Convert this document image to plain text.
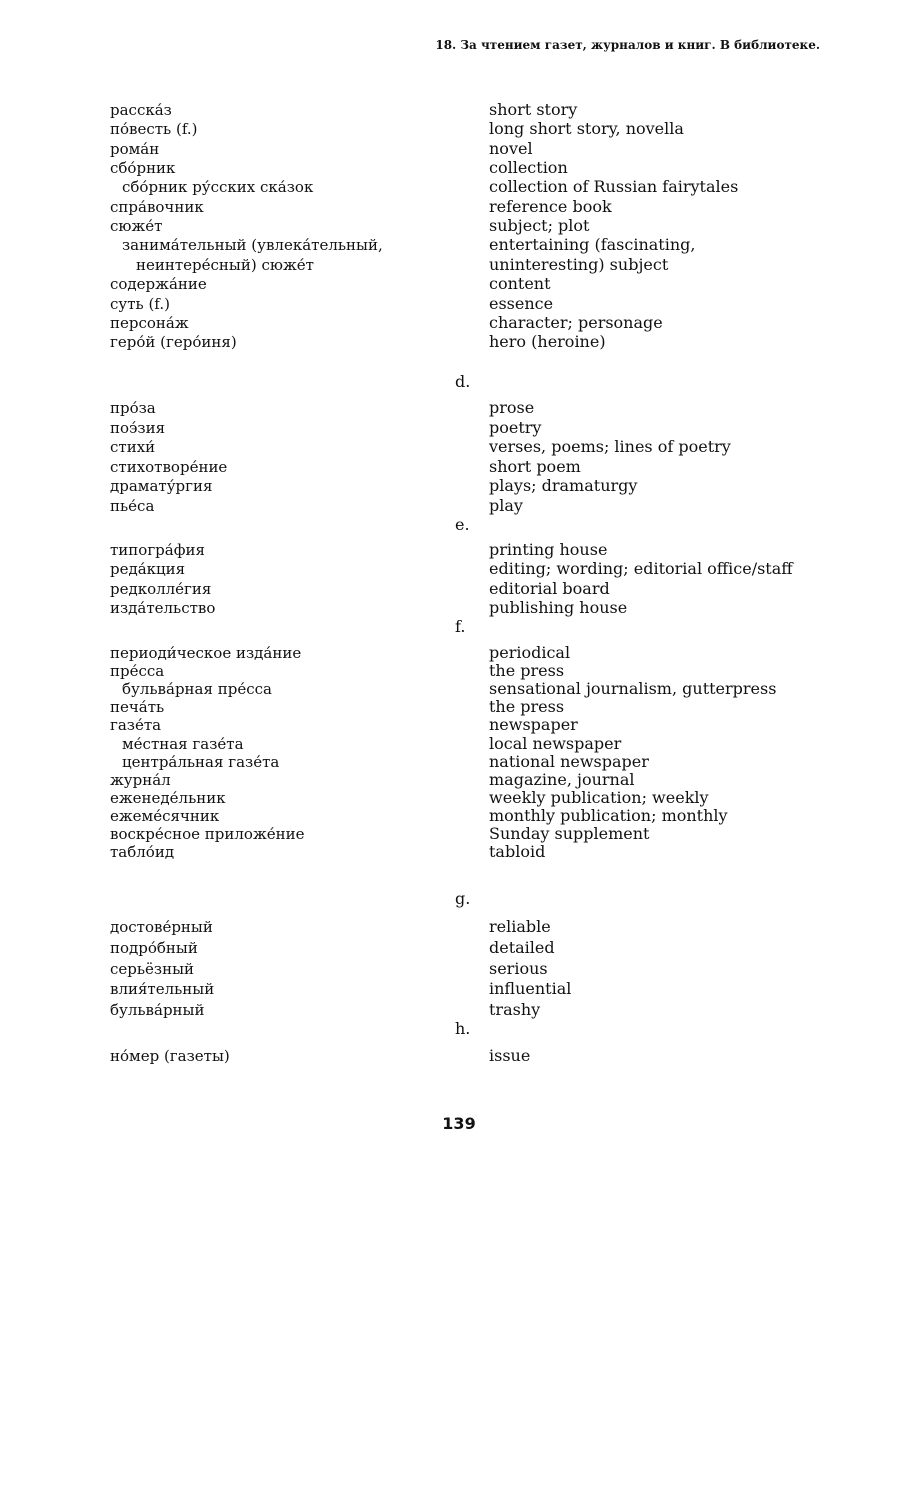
18. За чтением газет, журналов и книг. В библиотеке.
d.
e.
f.
g.
h.
расска́з	short story
по́весть (f.)	long short story, novella
рома́н	novel
сбо́рник	collection
сбо́рник ру́сских ска́зок	collection of Russian fairytales
спра́вочник	reference book
сюже́т	subject; plot
занима́тельный (увлека́тельный,	entertaining (fascinating,
неинтере́сный) сюже́т	uninteresting) subject
содержа́ние	content
суть (f.)	essence
персона́ж	character; personage
геро́й (геро́иня)	hero (heroine)
про́за	prose
поэ́зия	poetry
стихи́	verses, poems; lines of poetry
стихотворе́ние	short poem
драмату́ргия	plays; dramaturgy
пье́са	play
типогра́фия	printing house
реда́кция	editing; wording; editorial office/staff
редколле́гия	editorial board
изда́тельство	publishing house
периоди́ческое изда́ние	periodical
пре́сса	the press
бульва́рная пре́сса	sensational journalism, gutterpress
печа́ть	the press
газе́та	newspaper
ме́стная газе́та	local newspaper
центра́льная газе́та	national newspaper
журна́л	magazine, journal
еженеде́льник	weekly publication; weekly
ежеме́сячник	monthly publication; monthly
воскре́сное приложе́ние	Sunday supplement
табло́ид	tabloid
достове́рный	reliable
подро́бный	detailed
серьёзный	serious
влия́тельный	influential
бульва́рный	trashy
но́мер (газеты)	issue
139
